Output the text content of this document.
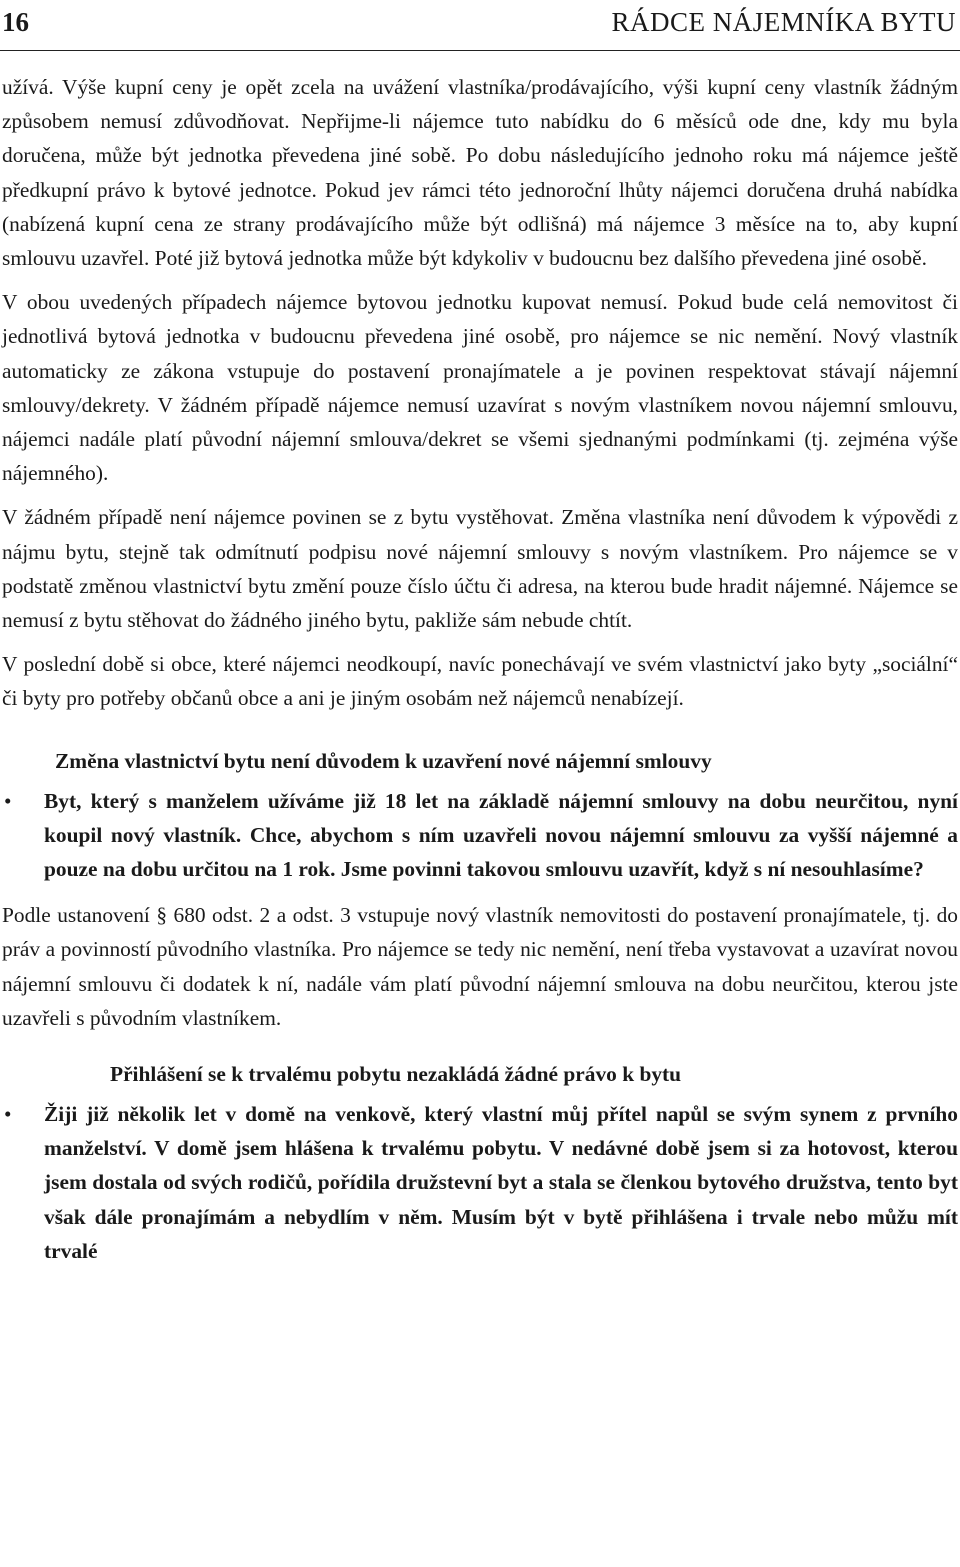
16	RÁDCE NÁJEMNÍKA BYTU

užívá. Výše kupní ceny je opět zcela na uvážení vlastníka/prodávajícího, výši kupní ceny vlastník žádným způsobem nemusí zdůvodňovat. Nepřijme-li nájemce tuto nabídku do 6 měsíců ode dne, kdy mu byla doručena, může být jednotka převedena jiné sobě. Po dobu následujícího jednoho roku má nájemce ještě předkupní právo k bytové jednotce. Pokud jev rámci této jednoroční lhůty nájemci doručena druhá nabídka (nabízená kupní cena ze strany prodávajícího může být odlišná) má nájemce 3 měsíce na to, aby kupní smlouvu uzavřel. Poté již bytová jednotka může být kdykoliv v budoucnu bez dalšího převedena jiné osobě.

V obou uvedených případech nájemce bytovou jednotku kupovat nemusí. Pokud bude celá nemovitost či jednotlivá bytová jednotka v budoucnu převedena jiné osobě, pro nájemce se nic nemění. Nový vlastník automaticky ze zákona vstupuje do postavení pronajímatele a je povinen respektovat stávají nájemní smlouvy/dekrety. V žádném případě nájemce nemusí uzavírat s novým vlastníkem novou nájemní smlouvu, nájemci nadále platí původní nájemní smlouva/dekret se všemi sjednanými podmínkami (tj. zejména výše nájemného).

V žádném případě není nájemce povinen se z bytu vystěhovat. Změna vlastníka není důvodem k výpovědi z nájmu bytu, stejně tak odmítnutí podpisu nové nájemní smlouvy s novým vlastníkem. Pro nájemce se v podstatě změnou vlastnictví bytu změní pouze číslo účtu či adresa, na kterou bude hradit nájemné. Nájemce se nemusí z bytu stěhovat do žádného jiného bytu, pakliže sám nebude chtít.

V poslední době si obce, které nájemci neodkoupí, navíc ponechávají ve svém vlastnictví jako byty „sociální“ či byty pro potřeby občanů obce a ani je jiným osobám než nájemců nenabízejí.

Změna vlastnictví bytu není důvodem k uzavření nové nájemní smlouvy
• Byt, který s manželem užíváme již 18 let na základě nájemní smlouvy na dobu neurčitou, nyní koupil nový vlastník. Chce, abychom s ním uzavřeli novou nájemní smlouvu za vyšší nájemné a pouze na dobu určitou na 1 rok. Jsme povinni takovou smlouvu uzavřít, když s ní nesouhlasíme?

Podle ustanovení § 680 odst. 2 a odst. 3 vstupuje nový vlastník nemovitosti do postavení pronajímatele, tj. do práv a povinností původního vlastníka. Pro nájemce se tedy nic nemění, není třeba vystavovat a uzavírat novou nájemní smlouvu či dodatek k ní, nadále vám platí původní nájemní smlouva na dobu neurčitou, kterou jste uzavřeli s původním vlastníkem.

Přihlášení se k trvalému pobytu nezakládá žádné právo k bytu
• Žiji již několik let v domě na venkově, který vlastní můj přítel napůl se svým synem z prvního manželství. V domě jsem hlášena k trvalému pobytu. V nedávné době jsem si za hotovost, kterou jsem dostala od svých rodičů, pořídila družstevní byt a stala se členkou bytového družstva, tento byt však dále pronajímám a nebydlím v něm. Musím být v bytě přihlášena i trvale nebo můžu mít trvalé
